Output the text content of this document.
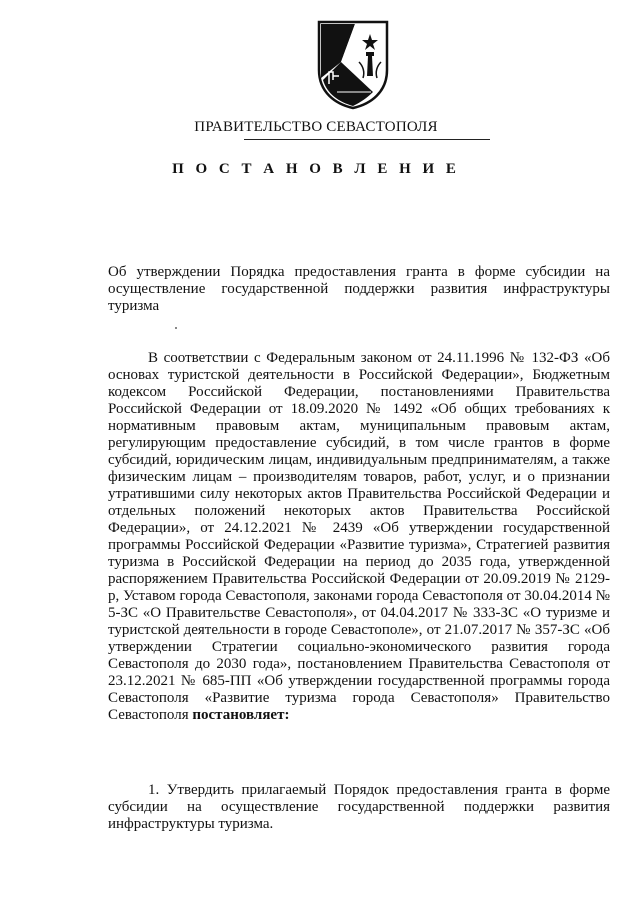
ПРАВИТЕЛЬСТВО СЕВАСТОПОЛЯ
П О С Т А Н О В Л Е Н И Е
Об утверждении Порядка предоставления гранта в форме субсидии на осуществление государственной поддержки развития инфраструктуры туризма

В соответствии с Федеральным законом от 24.11.1996 № 132-ФЗ «Об основах туристской деятельности в Российской Федерации», Бюджетным кодексом Российской Федерации, постановлениями Правительства Российской Федерации от 18.09.2020 № 1492 «Об общих требованиях к нормативным правовым актам, муниципальным правовым актам, регулирующим предоставление субсидий, в том числе грантов в форме субсидий, юридическим лицам, индивидуальным предпринимателям, а также физическим лицам – производителям товаров, работ, услуг, и о признании утратившими силу некоторых актов Правительства Российской Федерации и отдельных положений некоторых актов Правительства Российской Федерации», от 24.12.2021 № 2439 «Об утверждении государственной программы Российской Федерации «Развитие туризма», Стратегией развития туризма в Российской Федерации на период до 2035 года, утвержденной распоряжением Правительства Российской Федерации от 20.09.2019 № 2129-р, Уставом города Севастополя, законами города Севастополя от 30.04.2014 № 5-ЗС «О Правительстве Севастополя», от 04.04.2017 № 333-ЗС «О туризме и туристской деятельности в городе Севастополе», от 21.07.2017 № 357-ЗС «Об утверждении Стратегии социально-экономического развития города Севастополя до 2030 года», постановлением Правительства Севастополя от 23.12.2021 № 685-ПП «Об утверждении государственной программы города Севастополя «Развитие туризма города Севастополя» Правительство Севастополя постановляет:

1. Утвердить прилагаемый Порядок предоставления гранта в форме субсидии на осуществление государственной поддержки развития инфраструктуры туризма.
